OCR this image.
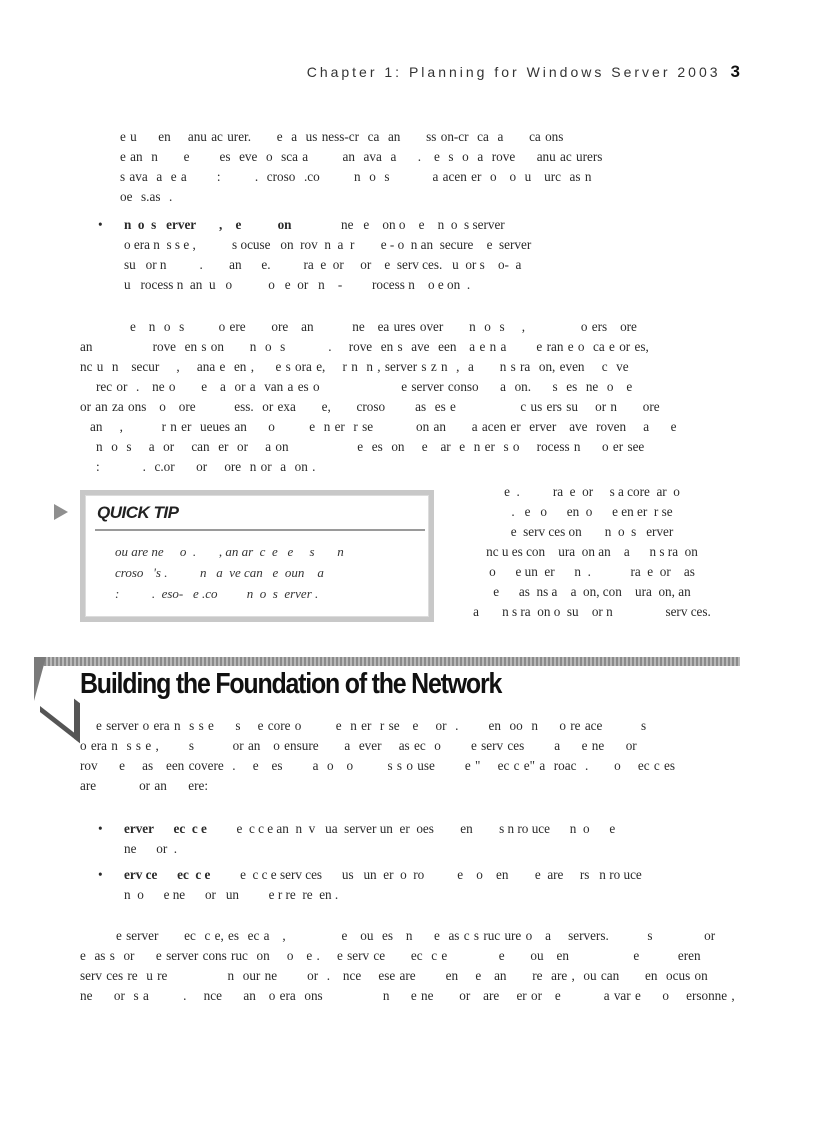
Chapter 1: Planning for Windows Server 2003 3
e u     en    anu ac urer.      e  a  us ness-cr  ca  an      ss on-cr  ca  a      ca ons
e an  n      e       es  eve  o  sca a        an  ava  a     .   e  s  o  a  rove     anu ac urers
s ava  a  e a       :        .  croso  .co        n  o  s          a acen er  o   o  u   urc  as n
oe  s.as  .
• n  o  s   erver       ,    e           on	ne   e    on o    e    n  o  s server
o era n  s s e ,           s ocuse   on  rov  n  a  r        e - o  n an  secure    e  server
su   or n          .        an      e.          ra  e  or     or    e  serv ces.   u  or s    o-  a
u   rocess n  an  u   o           o   e  or   n    -         rocess n    o e on  .
e   n  o  s        o ere      ore   an         ne   ea ures over      n  o  s    ,             o ers   ore
an              rove  en s on      n  o  s          .    rove  en s  ave  een   a e n a       e ran e o  ca e or es,
nc u  n   secur    ,    ana e  en ,     e s ora e,    r n  n , server s z n  ,  a      n s ra  on, even    c  ve
rec or  .   ne o      e   a  or a  van a es o                   e server conso     a  on.     s  es  ne  o   e
or an za ons   o   ore         ess.  or exa      e,      croso       as  es e               c us ers su    or n      ore
an    ,         r n er  ueues an     o        e  n er  r se          on an      a acen er  erver   ave  roven    a     e
n  o  s    a  or    can  er  or    a on                e  es  on    e   ar  e  n er  s o    rocess n     o er see
:          .  c.or     or    ore  n or  a  on .
QUICK TIP
ou are ne     o  .       , an ar  c  e   e     s       n
croso   's .          n   a  ve can   e  oun    a
:          .  eso-   e .co         n  o  s  erver .
e  .          ra  e  or     s a core  ar  o
.   e   o      en  o      e en er  r se
e  serv ces on       n  o  s   erver
nc u es con    ura  on an    a      n s ra  on
o      e un  er      n  .            ra  e  or    as
e      as  ns a    a  on, con    ura  on, an
a       n s ra  on o  su    or n                serv ces.
Building the Foundation of the Network
e server o era n  s s e     s    e core o        e  n er  r se   e    or  .       en  oo  n     o re ace         s
o era n  s s e ,       s         or an   o ensure      a  ever    as ec  o       e serv ces       a     e ne     or
rov     e    as   een covere  .    e   es       a  o   o        s s o use       e "    ec c e" a  roac  .      o    ec c es
are          or an     ere:
• erver      ec  c e e  c c e an  n  v   ua  server un  er  oes        en        s n ro uce      n  o      e
ne      or  .
• erv ce      ec  c e e  c c e serv ces      us   un  er  o  ro          e    o    en        e  are     rs   n ro uce
n  o      e ne      or   un         e r re  re  en .
e server      ec  c e, es  ec a   ,             e   ou  es   n     e  as c s ruc ure o   a    servers.         s            or
e  as s  or     e server cons ruc  on    o   e .    e serv ce      ec  c e            e      ou   en               e         eren
serv ces re  u re              n  our ne       or  .   nce    ese are       en    e   an      re  are ,  ou can      en  ocus on
ne     or  s a        .    nce     an   o era  ons              n     e ne      or   are    er or   e          a var e     o    ersonne ,
